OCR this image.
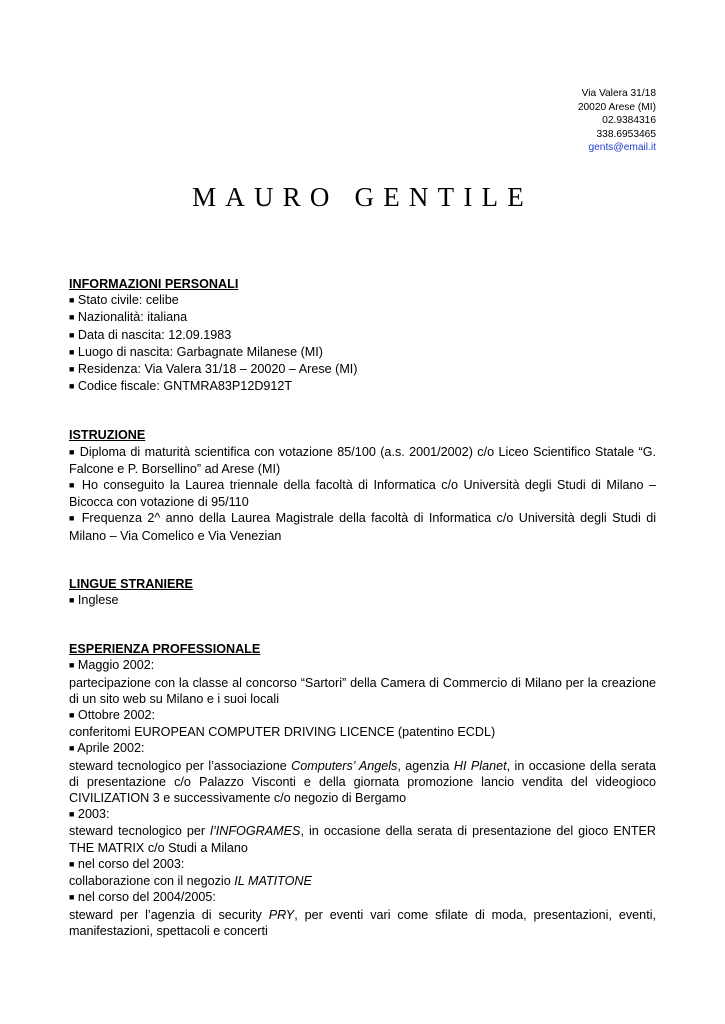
Via Valera 31/18
20020 Arese (MI)
02.9384316
338.6953465
gents@email.it
MAURO GENTILE
INFORMAZIONI PERSONALI
■ Stato civile: celibe
■ Nazionalità: italiana
■ Data di nascita: 12.09.1983
■ Luogo di nascita: Garbagnate Milanese (MI)
■ Residenza: Via Valera 31/18 – 20020 – Arese (MI)
■ Codice fiscale: GNTMRA83P12D912T
ISTRUZIONE
■ Diploma di maturità scientifica con votazione 85/100 (a.s. 2001/2002) c/o Liceo Scientifico Statale “G. Falcone e P. Borsellino” ad Arese (MI)
■ Ho conseguito la Laurea triennale della facoltà di Informatica c/o Università degli Studi di Milano – Bicocca con votazione di 95/110
■ Frequenza 2^ anno della Laurea Magistrale della facoltà di Informatica c/o Università degli Studi di Milano – Via Comelico e Via Venezian
LINGUE STRANIERE
■ Inglese
ESPERIENZA PROFESSIONALE
■ Maggio 2002:
partecipazione con la classe al concorso “Sartori” della Camera di Commercio di Milano per la creazione di un sito web su Milano e i suoi locali
■ Ottobre 2002:
conferitomi EUROPEAN COMPUTER DRIVING LICENCE (patentino ECDL)
■ Aprile 2002:
steward tecnologico per l’associazione Computers’ Angels, agenzia HI Planet, in occasione della serata di presentazione c/o Palazzo Visconti e della giornata promozione lancio vendita del videogioco CIVILIZATION 3 e successivamente c/o negozio di Bergamo
■ 2003:
steward tecnologico per l’INFOGRAMES, in occasione della serata di presentazione del gioco ENTER THE MATRIX c/o Studi a Milano
■ nel corso del 2003:
collaborazione con il negozio IL MATITONE
■ nel corso del 2004/2005:
steward per l’agenzia di security PRY, per eventi vari come sfilate di moda, presentazioni, eventi, manifestazioni, spettacoli e concerti
